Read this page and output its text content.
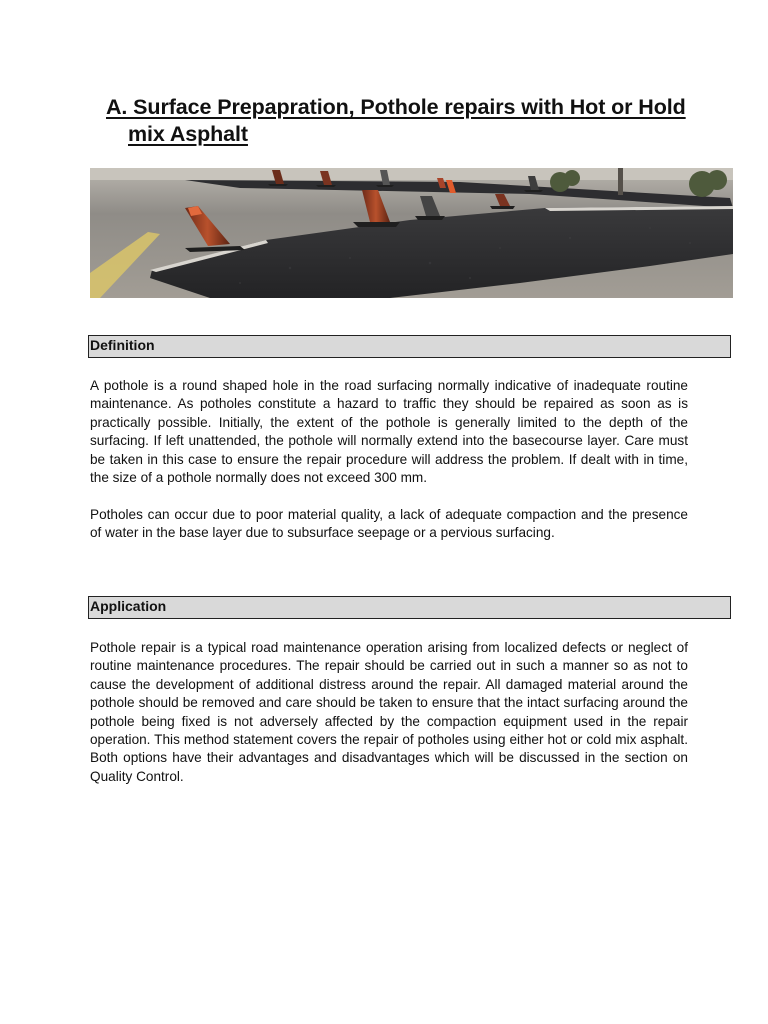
A. Surface Prepapration, Pothole repairs with Hot or Hold
mix Asphalt
Definition

A pothole is a round shaped hole in the road surfacing normally indicative of inadequate routine maintenance. As potholes constitute a hazard to traffic they should be repaired as soon as is practically possible. Initially, the extent of the pothole is generally limited to the depth of the surfacing. If left unattended, the pothole will normally extend into the basecourse layer. Care must be taken in this case to ensure the repair procedure will address the problem. If dealt with in time, the size of a pothole normally does not exceed 300 mm.

Potholes can occur due to poor material quality, a lack of adequate compaction and the presence of water in the base layer due to subsurface seepage or a pervious surfacing.

Application

Pothole repair is a typical road maintenance operation arising from localized defects or neglect of routine maintenance procedures. The repair should be carried out in such a manner so as not to cause the development of additional distress around the repair. All damaged material around the pothole should be removed and care should be taken to ensure that the intact surfacing around the pothole being fixed is not adversely affected by the compaction equipment used in the repair operation. This method statement covers the repair of potholes using either hot or cold mix asphalt. Both options have their advantages and disadvantages which will be discussed in the section on Quality Control.
